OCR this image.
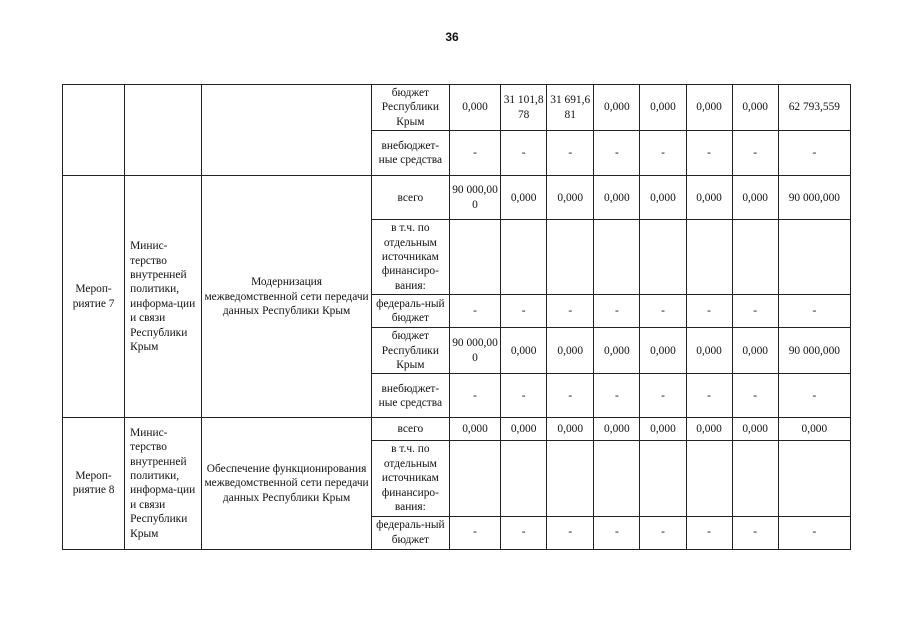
36
			бюджет Республики Крым	0,000	31 101,878	31 691,681	0,000	0,000	0,000	0,000	62 793,559
			внебюджет-ные средства	-	-	-	-	-	-	-	-
Мероп-риятие 7	Минис-терство внутренней политики, информа-ции и связи Республики Крым	Модернизация межведомственной сети передачи данных Республики Крым	всего	90 000,00 0	0,000	0,000	0,000	0,000	0,000	0,000	90 000,000
			в т.ч. по отдельным источникам финансиро-вания:								
			федераль-ный бюджет	-	-	-	-	-	-	-	-
			бюджет Республики Крым	90 000,00 0	0,000	0,000	0,000	0,000	0,000	0,000	90 000,000
			внебюджет-ные средства	-	-	-	-	-	-	-	-
Мероп-риятие 8	Минис-терство внутренней политики, информа-ции и связи Республики Крым	Обеспечение функционирования межведомственной сети передачи данных Республики Крым	всего	0,000	0,000	0,000	0,000	0,000	0,000	0,000	0,000
			в т.ч. по отдельным источникам финансиро-вания:								
			федераль-ный бюджет	-	-	-	-	-	-	-	-
